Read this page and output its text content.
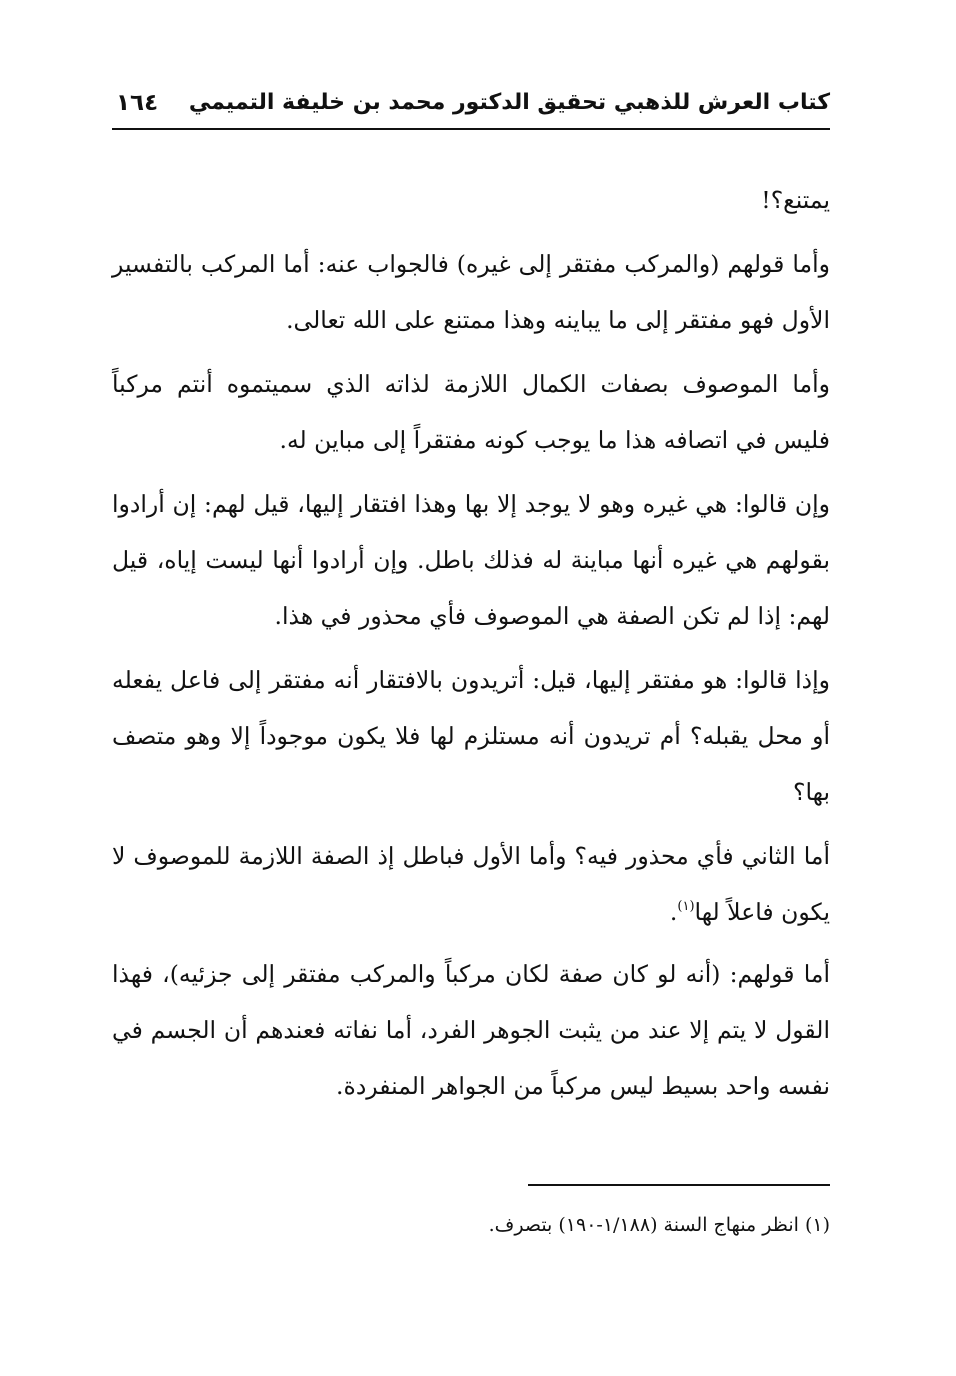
كتاب العرش للذهبي تحقيق الدكتور محمد بن خليفة التميمي
١٦٤

يمتنع؟!

وأما قولهم (والمركب مفتقر إلى غيره) فالجواب عنه: أما المركب بالتفسير الأول فهو مفتقر إلى ما يباينه وهذا ممتنع على الله تعالى.

وأما الموصوف بصفات الكمال اللازمة لذاته الذي سميتموه أنتم مركباً فليس في اتصافه هذا ما يوجب كونه مفتقراً إلى مباين له.

وإن قالوا: هي غيره وهو لا يوجد إلا بها وهذا افتقار إليها، قيل لهم: إن أرادوا بقولهم هي غيره أنها مباينة له فذلك باطل. وإن أرادوا أنها ليست إياه، قيل لهم: إذا لم تكن الصفة هي الموصوف فأي محذور في هذا.

وإذا قالوا: هو مفتقر إليها، قيل: أتريدون بالافتقار أنه مفتقر إلى فاعل يفعله أو محل يقبله؟ أم تريدون أنه مستلزم لها فلا يكون موجوداً إلا وهو متصف بها؟

أما الثاني فأي محذور فيه؟ وأما الأول فباطل إذ الصفة اللازمة للموصوف لا يكون فاعلاً لها$^{(١)}$.

أما قولهم: (أنه لو كان صفة لكان مركباً والمركب مفتقر إلى جزئيه)، فهذا القول لا يتم إلا عند من يثبت الجوهر الفرد، أما نفاته فعندهم أن الجسم في نفسه واحد بسيط ليس مركباً من الجواهر المنفردة.

(١) انظر منهاج السنة (١/١٨٨-١٩٠) بتصرف.
